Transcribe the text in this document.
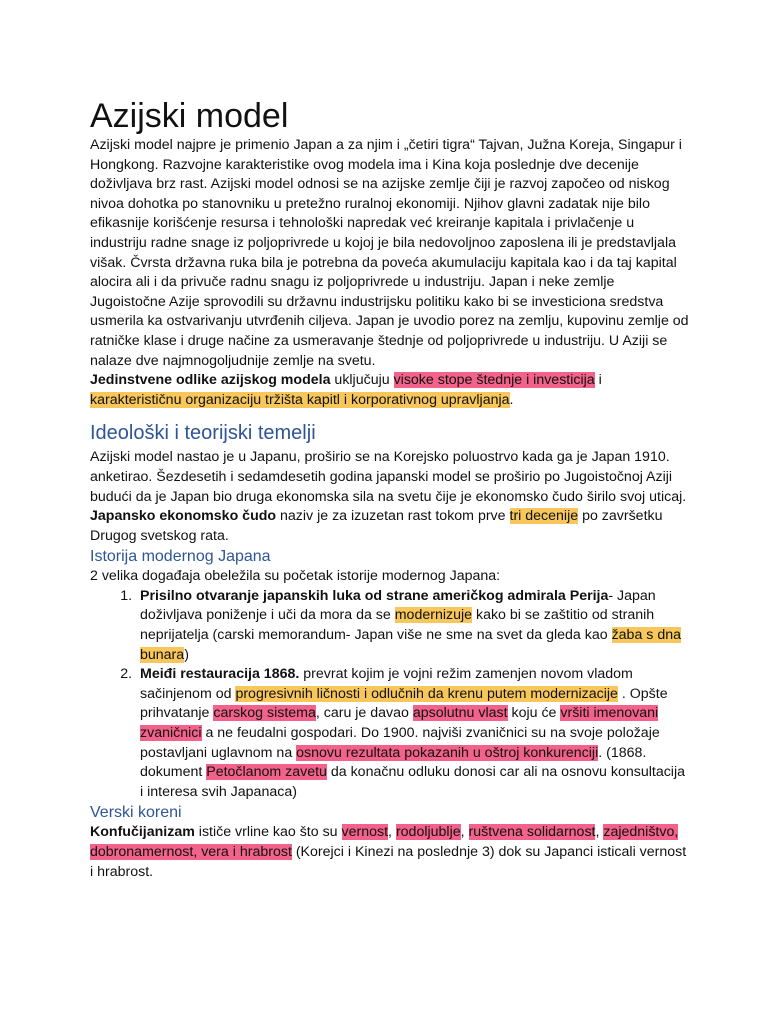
Azijski model

Azijski model najpre je primenio Japan a za njim i „četiri tigra“ Tajvan, Južna Koreja, Singapur i Hongkong. Razvojne karakteristike ovog modela ima i Kina koja poslednje dve decenije doživljava brz rast. Azijski model odnosi se na azijske zemlje čiji je razvoj započeo od niskog nivoa dohotka po stanovniku u pretežno ruralnoj ekonomiji. Njihov glavni zadatak nije bilo efikasnije korišćenje resursa i tehnološki napredak već kreiranje kapitala i privlačenje u industriju radne snage iz poljoprivrede u kojoj je bila nedovoljnoo zaposlena ili je predstavljala višak. Čvrsta državna ruka bila je potrebna da poveća akumulaciju kapitala kao i da taj kapital alocira ali i da privuče radnu snagu iz poljoprivrede u industriju. Japan i neke zemlje Jugoistočne Azije sprovodili su državnu industrijsku politiku kako bi se investiciona sredstva usmerila ka ostvarivanju utvrđenih ciljeva. Japan je uvodio porez na zemlju, kupovinu zemlje od ratničke klase i druge načine za usmeravanje štednje od poljoprivrede u industriju. U Aziji se nalaze dve najmnogoljudnije zemlje na svetu.

Jedinstvene odlike azijskog modela uključuju visoke stope štednje i investicija i karakterističnu organizaciju tržišta kapitl i korporativnog upravljanja.

Ideološki i teorijski temelji

Azijski model nastao je u Japanu, proširio se na Korejsko poluostrvo kada ga je Japan 1910. anketirao. Šezdesetih i sedamdesetih godina japanski model se proširio po Jugoistočnoj Aziji budući da je Japan bio druga ekonomska sila na svetu čije je ekonomsko čudo širilo svoj uticaj.

Japansko ekonomsko čudo naziv je za izuzetan rast tokom prve tri decenije po završetku Drugog svetskog rata.

Istorija modernog Japana

2 velika događaja obeležila su početak istorije modernog Japana:

1. Prisilno otvaranje japanskih luka od strane američkog admirala Perija- Japan doživljava poniženje i uči da mora da se modernizuje kako bi se zaštitio od stranih neprijatelja (carski memorandum- Japan više ne sme na svet da gleda kao žaba s dna bunara)
2. Meiđi restauracija 1868. prevrat kojim je vojni režim zamenjen novom vladom sačinjenom od progresivnih ličnosti i odlučnih da krenu putem modernizacije . Opšte prihvatanje carskog sistema, caru je davao apsolutnu vlast koju će vršiti imenovani zvaničnici a ne feudalni gospodari. Do 1900. najviši zvaničnici su na svoje položaje postavljani uglavnom na osnovu rezultata pokazanih u oštroj konkurenciji. (1868. dokument Petočlanom zavetu da konačnu odluku donosi car ali na osnovu konsultacija i interesa svih Japanaca)
Verski koreni

Konfučijanizam ističe vrline kao što su vernost, rodoljublje, ruštvena solidarnost, zajedništvo, dobronamernost, vera i hrabrost (Korejci i Kinezi na poslednje 3) dok su Japanci isticali vernost i hrabrost.
